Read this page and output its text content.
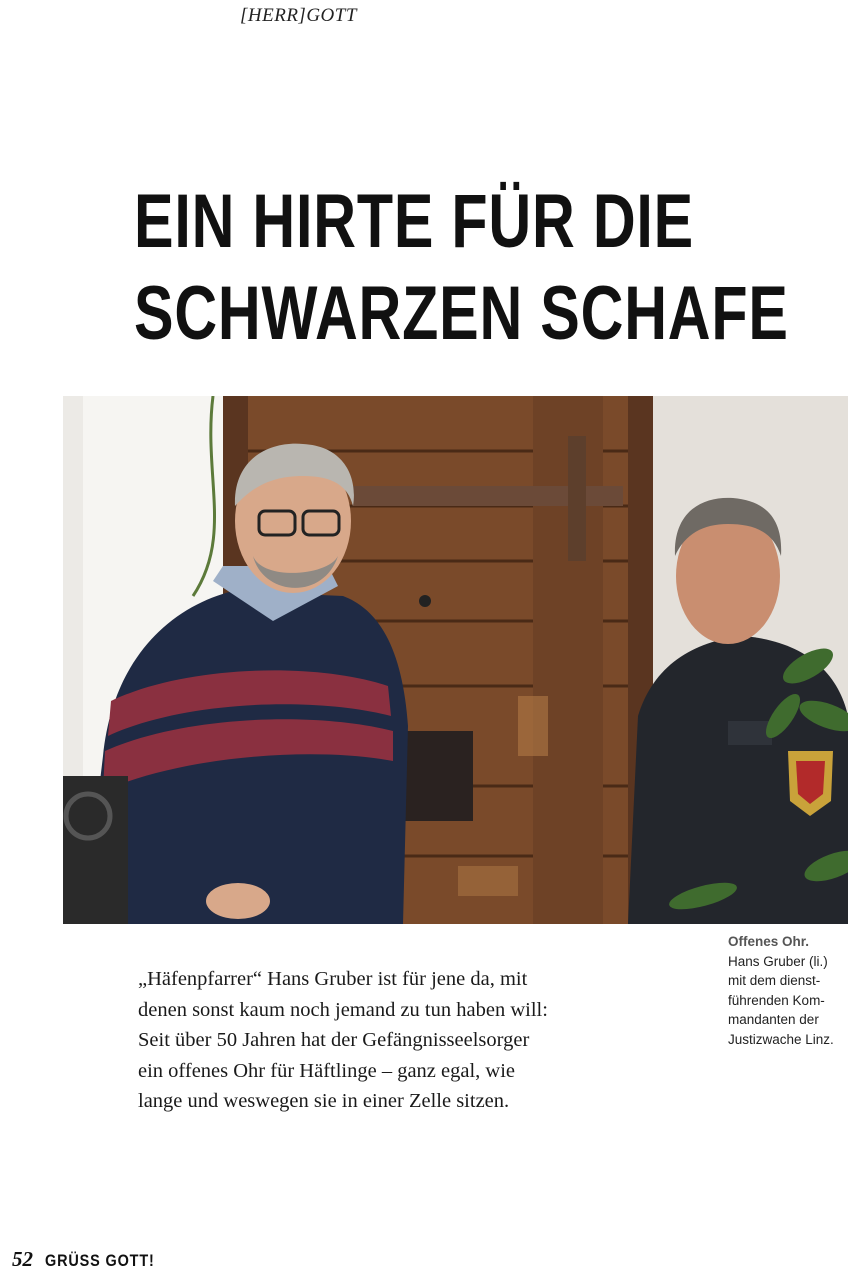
[HERR]GOTT
EIN HIRTE FÜR DIE
SCHWARZEN SCHAFE
Offenes Ohr.
Hans Gruber (li.)
mit dem dienst-
führenden Kom-
mandanten der
Justizwache Linz.

„Häfenpfarrer“ Hans Gruber ist für jene da, mit
denen sonst kaum noch jemand zu tun haben will:
Seit über 50 Jahren hat der Gefängnisseelsorger
ein offenes Ohr für Häftlinge – ganz egal, wie
lange und weswegen sie in einer Zelle sitzen.

52 GRÜSS GOTT!
